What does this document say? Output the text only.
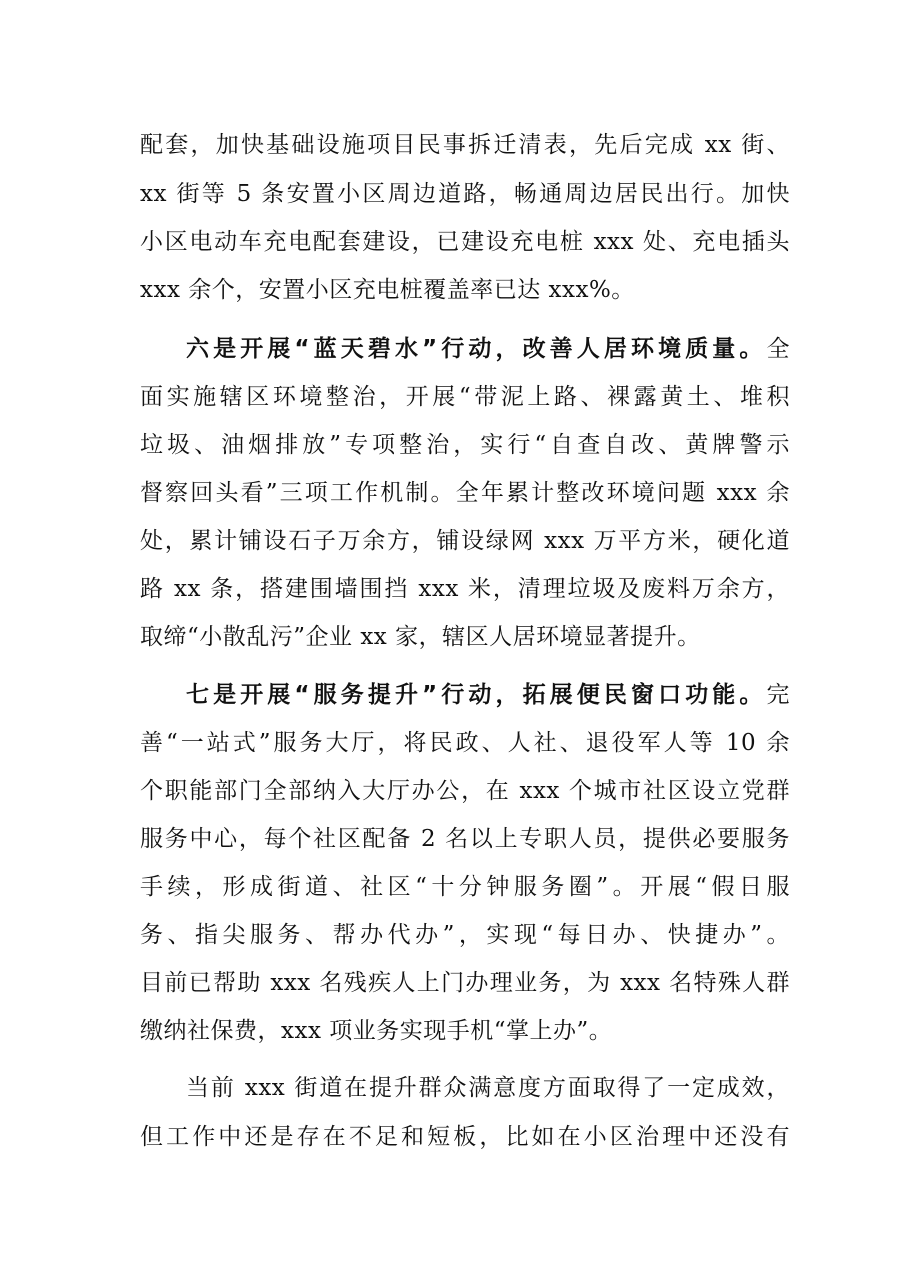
配套，加快基础设施项目民事拆迁清表，先后完成 xx 街、
xx 街等 5 条安置小区周边道路，畅通周边居民出行。加快
小区电动车充电配套建设，已建设充电桩 xxx 处、充电插头
xxx 余个，安置小区充电桩覆盖率已达 xxx%。
六是开展“蓝天碧水”行动，改善人居环境质量。全
面实施辖区环境整治，开展“带泥上路、裸露黄土、堆积
垃圾、油烟排放”专项整治，实行“自查自改、黄牌警示
督察回头看”三项工作机制。全年累计整改环境问题 xxx 余
处，累计铺设石子万余方，铺设绿网 xxx 万平方米，硬化道
路 xx 条，搭建围墙围挡 xxx 米，清理垃圾及废料万余方，
取缔“小散乱污”企业 xx 家，辖区人居环境显著提升。
七是开展“服务提升”行动，拓展便民窗口功能。完
善“一站式”服务大厅，将民政、人社、退役军人等 10 余
个职能部门全部纳入大厅办公，在 xxx 个城市社区设立党群
服务中心，每个社区配备 2 名以上专职人员，提供必要服务
手续，形成街道、社区“十分钟服务圈”。开展“假日服
务、指尖服务、帮办代办”，实现“每日办、快捷办”。
目前已帮助 xxx 名残疾人上门办理业务，为 xxx 名特殊人群
缴纳社保费，xxx 项业务实现手机“掌上办”。
当前 xxx 街道在提升群众满意度方面取得了一定成效，
但工作中还是存在不足和短板，比如在小区治理中还没有
